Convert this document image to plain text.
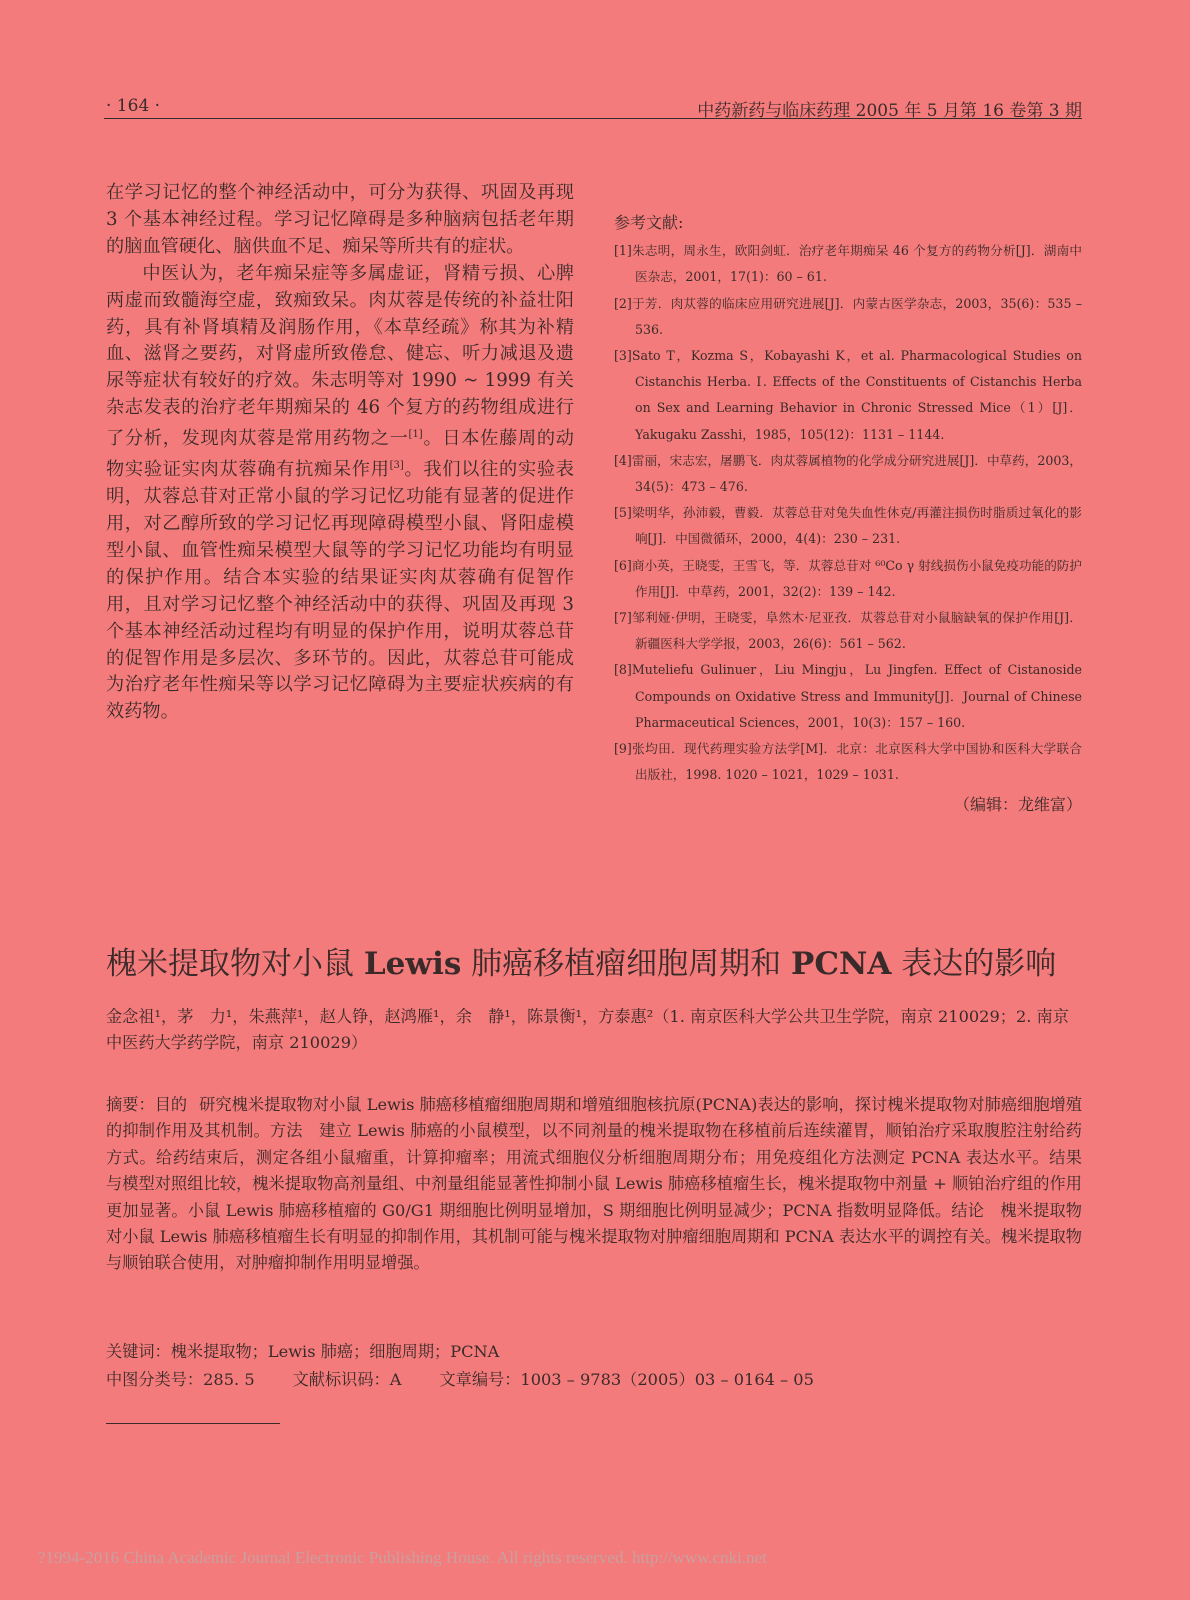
· 164 ·	中药新药与临床药理 2005 年 5 月第 16 卷第 3 期

在学习记忆的整个神经活动中，可分为获得、巩固及再现 3 个基本神经过程。学习记忆障碍是多种脑病包括老年期的脑血管硬化、脑供血不足、痴呆等所共有的症状。

中医认为，老年痴呆症等多属虚证，肾精亏损、心脾两虚而致髓海空虚，致痴致呆。肉苁蓉是传统的补益壮阳药，具有补肾填精及润肠作用，《本草经疏》称其为补精血、滋肾之要药，对肾虚所致倦怠、健忘、听力减退及遗尿等症状有较好的疗效。朱志明等对 1990 ~ 1999 有关杂志发表的治疗老年期痴呆的 46 个复方的药物组成进行了分析，发现肉苁蓉是常用药物之一[1]。日本佐藤周的动物实验证实肉苁蓉确有抗痴呆作用[3]。我们以往的实验表明，苁蓉总苷对正常小鼠的学习记忆功能有显著的促进作用，对乙醇所致的学习记忆再现障碍模型小鼠、肾阳虚模型小鼠、血管性痴呆模型大鼠等的学习记忆功能均有明显的保护作用。结合本实验的结果证实肉苁蓉确有促智作用，且对学习记忆整个神经活动中的获得、巩固及再现 3 个基本神经活动过程均有明显的保护作用，说明苁蓉总苷的促智作用是多层次、多环节的。因此，苁蓉总苷可能成为治疗老年性痴呆等以学习记忆障碍为主要症状疾病的有效药物。

参考文献:

[1]朱志明，周永生，欧阳剑虹．治疗老年期痴呆 46 个复方的药物分析[J]．湖南中医杂志，2001，17(1)：60 – 61.

[2]于芳．肉苁蓉的临床应用研究进展[J]．内蒙古医学杂志，2003，35(6)：535 – 536.

[3]Sato T，Kozma S，Kobayashi K，et al. Pharmacological Studies on Cistanchis Herba. Ⅰ. Effects of the Constituents of Cistanchis Herba on Sex and Learning Behavior in Chronic Stressed Mice（1）[J]．Yakugaku Zasshi，1985，105(12)：1131 – 1144.

[4]雷丽，宋志宏，屠鹏飞．肉苁蓉属植物的化学成分研究进展[J]．中草药，2003，34(5)：473 – 476.

[5]梁明华，孙沛毅，曹毅．苁蓉总苷对兔失血性休克/再灌注损伤时脂质过氧化的影响[J]．中国微循环，2000，4(4)：230 – 231.

[6]商小英，王晓雯，王雪飞，等．苁蓉总苷对 ⁶⁰Co γ 射线损伤小鼠免疫功能的防护作用[J]．中草药，2001，32(2)：139 – 142.

[7]邹利娅·伊明，王晓雯，阜然木·尼亚孜．苁蓉总苷对小鼠脑缺氧的保护作用[J]．新疆医科大学学报，2003，26(6)：561 – 562.

[8]Muteliefu Gulinuer，Liu Mingju，Lu Jingfen. Effect of Cistanoside Compounds on Oxidative Stress and Immunity[J]．Journal of Chinese Pharmaceutical Sciences，2001，10(3)：157 – 160.

[9]张均田．现代药理实验方法学[M]．北京：北京医科大学中国协和医科大学联合出版社，1998. 1020 – 1021，1029 – 1031.

（编辑：龙维富）
槐米提取物对小鼠 Lewis 肺癌移植瘤细胞周期和 PCNA 表达的影响
金念祖¹，茅　力¹，朱燕萍¹，赵人铮，赵鸿雁¹，余　静¹，陈景衡¹，方泰惠²（1. 南京医科大学公共卫生学院，南京 210029；2. 南京中医药大学药学院，南京 210029）
摘要：目的 研究槐米提取物对小鼠 Lewis 肺癌移植瘤细胞周期和增殖细胞核抗原(PCNA)表达的影响，探讨槐米提取物对肺癌细胞增殖的抑制作用及其机制。方法　建立 Lewis 肺癌的小鼠模型，以不同剂量的槐米提取物在移植前后连续灌胃，顺铂治疗采取腹腔注射给药方式。给药结束后，测定各组小鼠瘤重，计算抑瘤率；用流式细胞仪分析细胞周期分布；用免疫组化方法测定 PCNA 表达水平。结果　与模型对照组比较，槐米提取物高剂量组、中剂量组能显著性抑制小鼠 Lewis 肺癌移植瘤生长，槐米提取物中剂量 + 顺铂治疗组的作用更加显著。小鼠 Lewis 肺癌移植瘤的 G0/G1 期细胞比例明显增加，S 期细胞比例明显减少；PCNA 指数明显降低。结论　槐米提取物对小鼠 Lewis 肺癌移植瘤生长有明显的抑制作用，其机制可能与槐米提取物对肿瘤细胞周期和 PCNA 表达水平的调控有关。槐米提取物与顺铂联合使用，对肿瘤抑制作用明显增强。
关键词：槐米提取物；Lewis 肺癌；细胞周期；PCNA
中图分类号：285. 5 文献标识码：A 文章编号：1003 – 9783（2005）03 – 0164 – 05
?1994-2016 China Academic Journal Electronic Publishing House. All rights reserved. http://www.cnki.net
